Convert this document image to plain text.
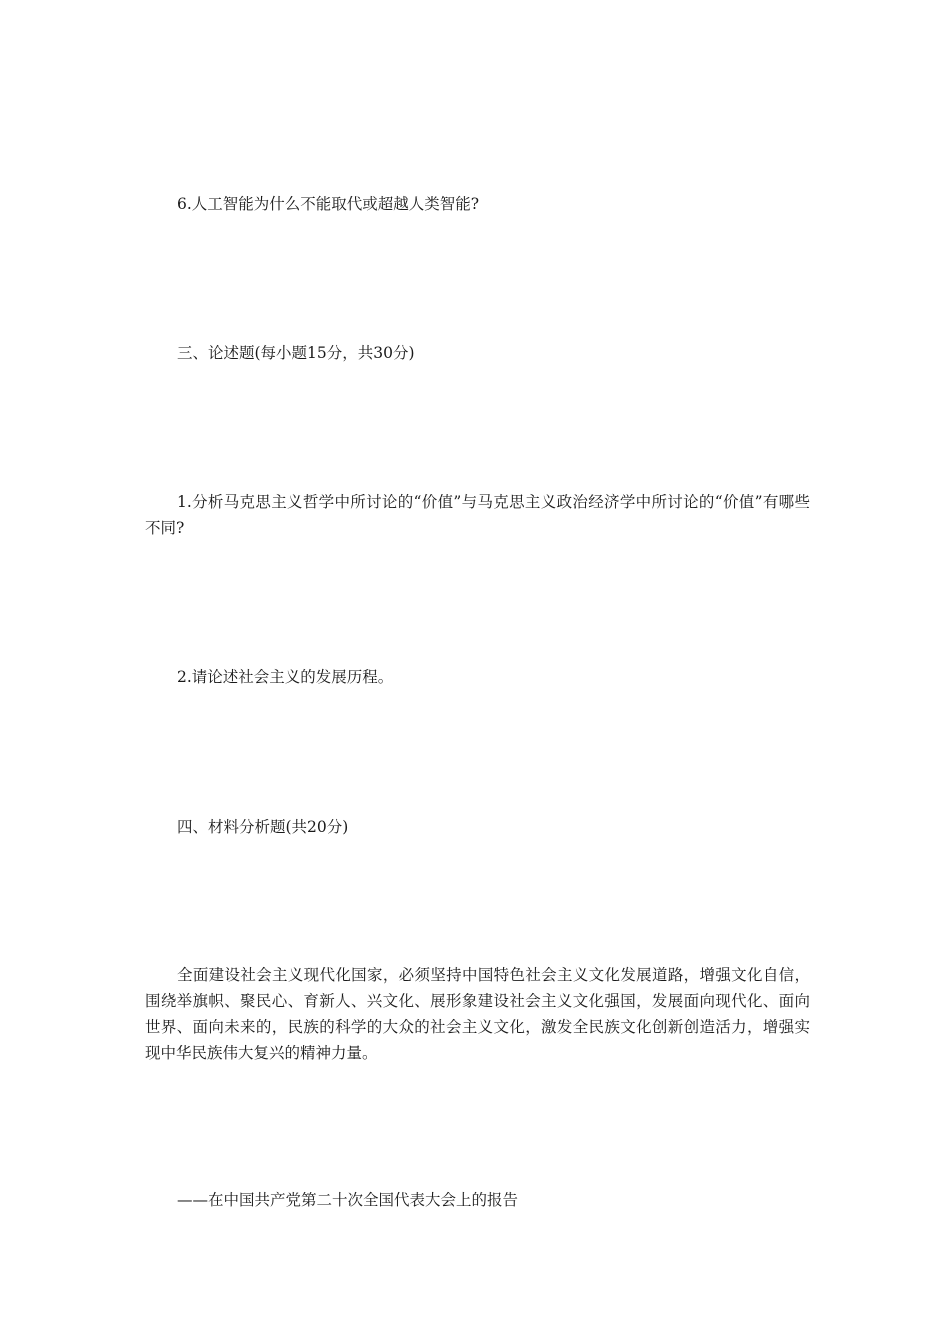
6.人工智能为什么不能取代或超越人类智能?

三、论述题(每小题15分，共30分)

1.分析马克思主义哲学中所讨论的“价值”与马克思主义政治经济学中所讨论的“价值”有哪些不同?

2.请论述社会主义的发展历程。

四、材料分析题(共20分)

全面建设社会主义现代化国家，必须坚持中国特色社会主义文化发展道路，增强文化自信，围绕举旗帜、聚民心、育新人、兴文化、展形象建设社会主义文化强国，发展面向现代化、面向世界、面向未来的，民族的科学的大众的社会主义文化，激发全民族文化创新创造活力，增强实现中华民族伟大复兴的精神力量。

——在中国共产党第二十次全国代表大会上的报告
